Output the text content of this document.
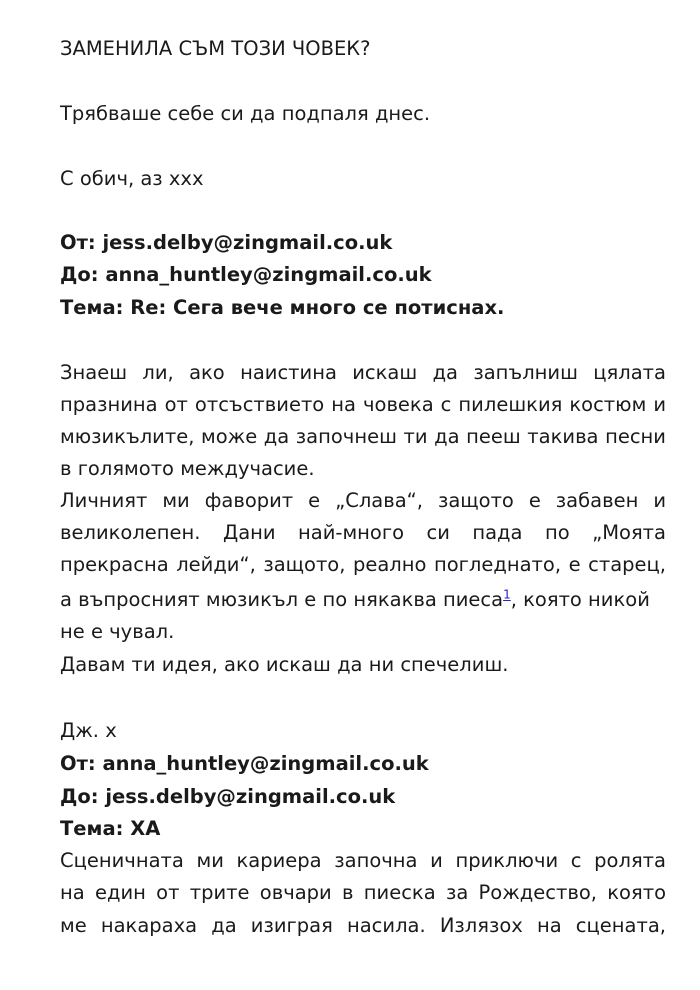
ЗАМЕНИЛА СЪМ ТОЗИ ЧОВЕК?
Трябваше себе си да подпаля днес.
С обич, аз ххх
От: jess.delby@zingmail.co.uk
До: anna_huntley@zingmail.co.uk
Тема: Re: Сега вече много се потиснах.
Знаеш ли, ако наистина искаш да запълниш цялата
празнина от отсъствието на човека с пилешкия костюм и
мюзикълите, може да започнеш ти да пееш такива песни
в голямото междучасие.
Личният ми фаворит е „Слава“, защото е забавен и
великолепен. Дани най-много си пада по „Моята
прекрасна лейди“, защото, реално погледнато, е старец,
а въпросният мюзикъл е по някаква пиеса$^1$, която никой
не е чувал.
Давам ти идея, ако искаш да ни спечелиш.
Дж. х
От: anna_huntley@zingmail.co.uk
До: jess.delby@zingmail.co.uk
Тема: ХА
Сценичната ми кариера започна и приключи с ролята
на един от трите овчари в пиеска за Рождество, която
ме накараха да изиграя насила. Излязох на сцената,
